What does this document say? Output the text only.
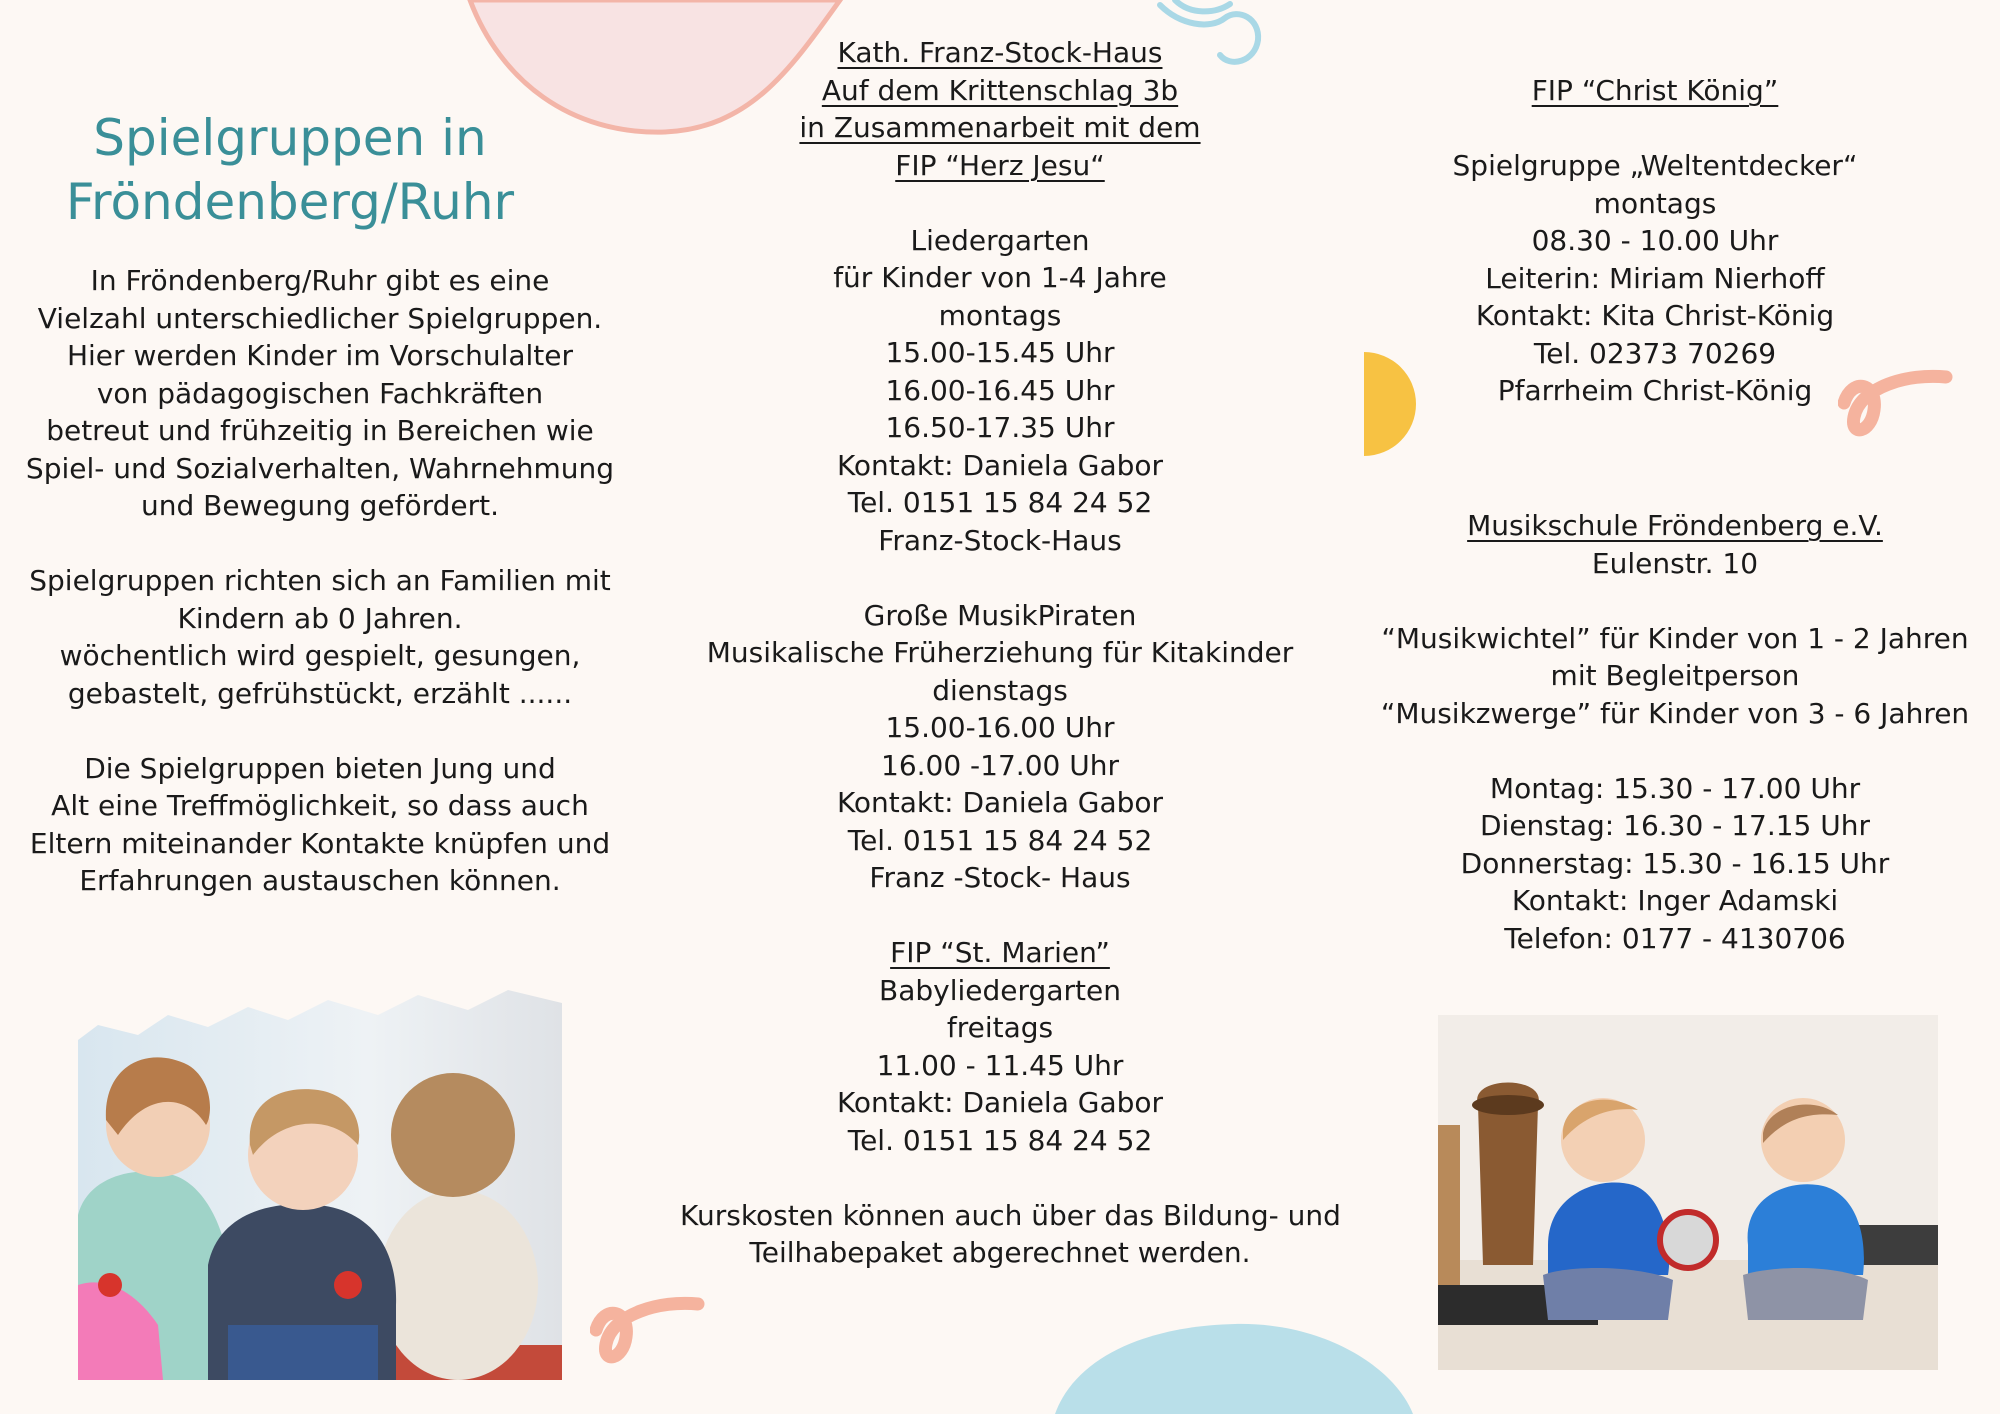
Spielgruppen in
Fröndenberg/Ruhr
In Fröndenberg/Ruhr gibt es eine
Vielzahl unterschiedlicher Spielgruppen.
Hier werden Kinder im Vorschulalter
von pädagogischen Fachkräften
betreut und frühzeitig in Bereichen wie
Spiel- und Sozialverhalten, Wahrnehmung
und Bewegung gefördert.
Spielgruppen richten sich an Familien mit
Kindern ab 0 Jahren.
wöchentlich wird gespielt, gesungen,
gebastelt, gefrühstückt, erzählt ......
Die Spielgruppen bieten Jung und
Alt eine Treffmöglichkeit, so dass auch
Eltern miteinander Kontakte knüpfen und
Erfahrungen austauschen können.
Kath. Franz-Stock-Haus
Auf dem Krittenschlag 3b
in Zusammenarbeit mit dem
FIP “Herz Jesu“
Liedergarten
für Kinder von 1-4 Jahre
montags
15.00-15.45 Uhr
16.00-16.45 Uhr
16.50-17.35 Uhr
Kontakt: Daniela Gabor
Tel. 0151 15 84 24 52
Franz-Stock-Haus
Große MusikPiraten
Musikalische Früherziehung für Kitakinder
dienstags
15.00-16.00 Uhr
16.00 -17.00 Uhr
Kontakt: Daniela Gabor
Tel. 0151 15 84 24 52
Franz -Stock- Haus
FIP “St. Marien”
Babyliedergarten
freitags
11.00 - 11.45 Uhr
Kontakt: Daniela Gabor
Tel. 0151 15 84 24 52
Kurskosten können auch über das Bildung- und
Teilhabepaket abgerechnet werden.
FIP “Christ König”
Spielgruppe „Weltentdecker“
montags
08.30 - 10.00 Uhr
Leiterin: Miriam Nierhoff
Kontakt: Kita Christ-König
Tel. 02373 70269
Pfarrheim Christ-König
Musikschule Fröndenberg e.V.
Eulenstr. 10
“Musikwichtel” für Kinder von 1 - 2 Jahren
mit Begleitperson
“Musikzwerge” für Kinder von 3 - 6 Jahren
Montag: 15.30 - 17.00 Uhr
Dienstag: 16.30 - 17.15 Uhr
Donnerstag: 15.30 - 16.15 Uhr
Kontakt: Inger Adamski
Telefon: 0177 - 4130706
